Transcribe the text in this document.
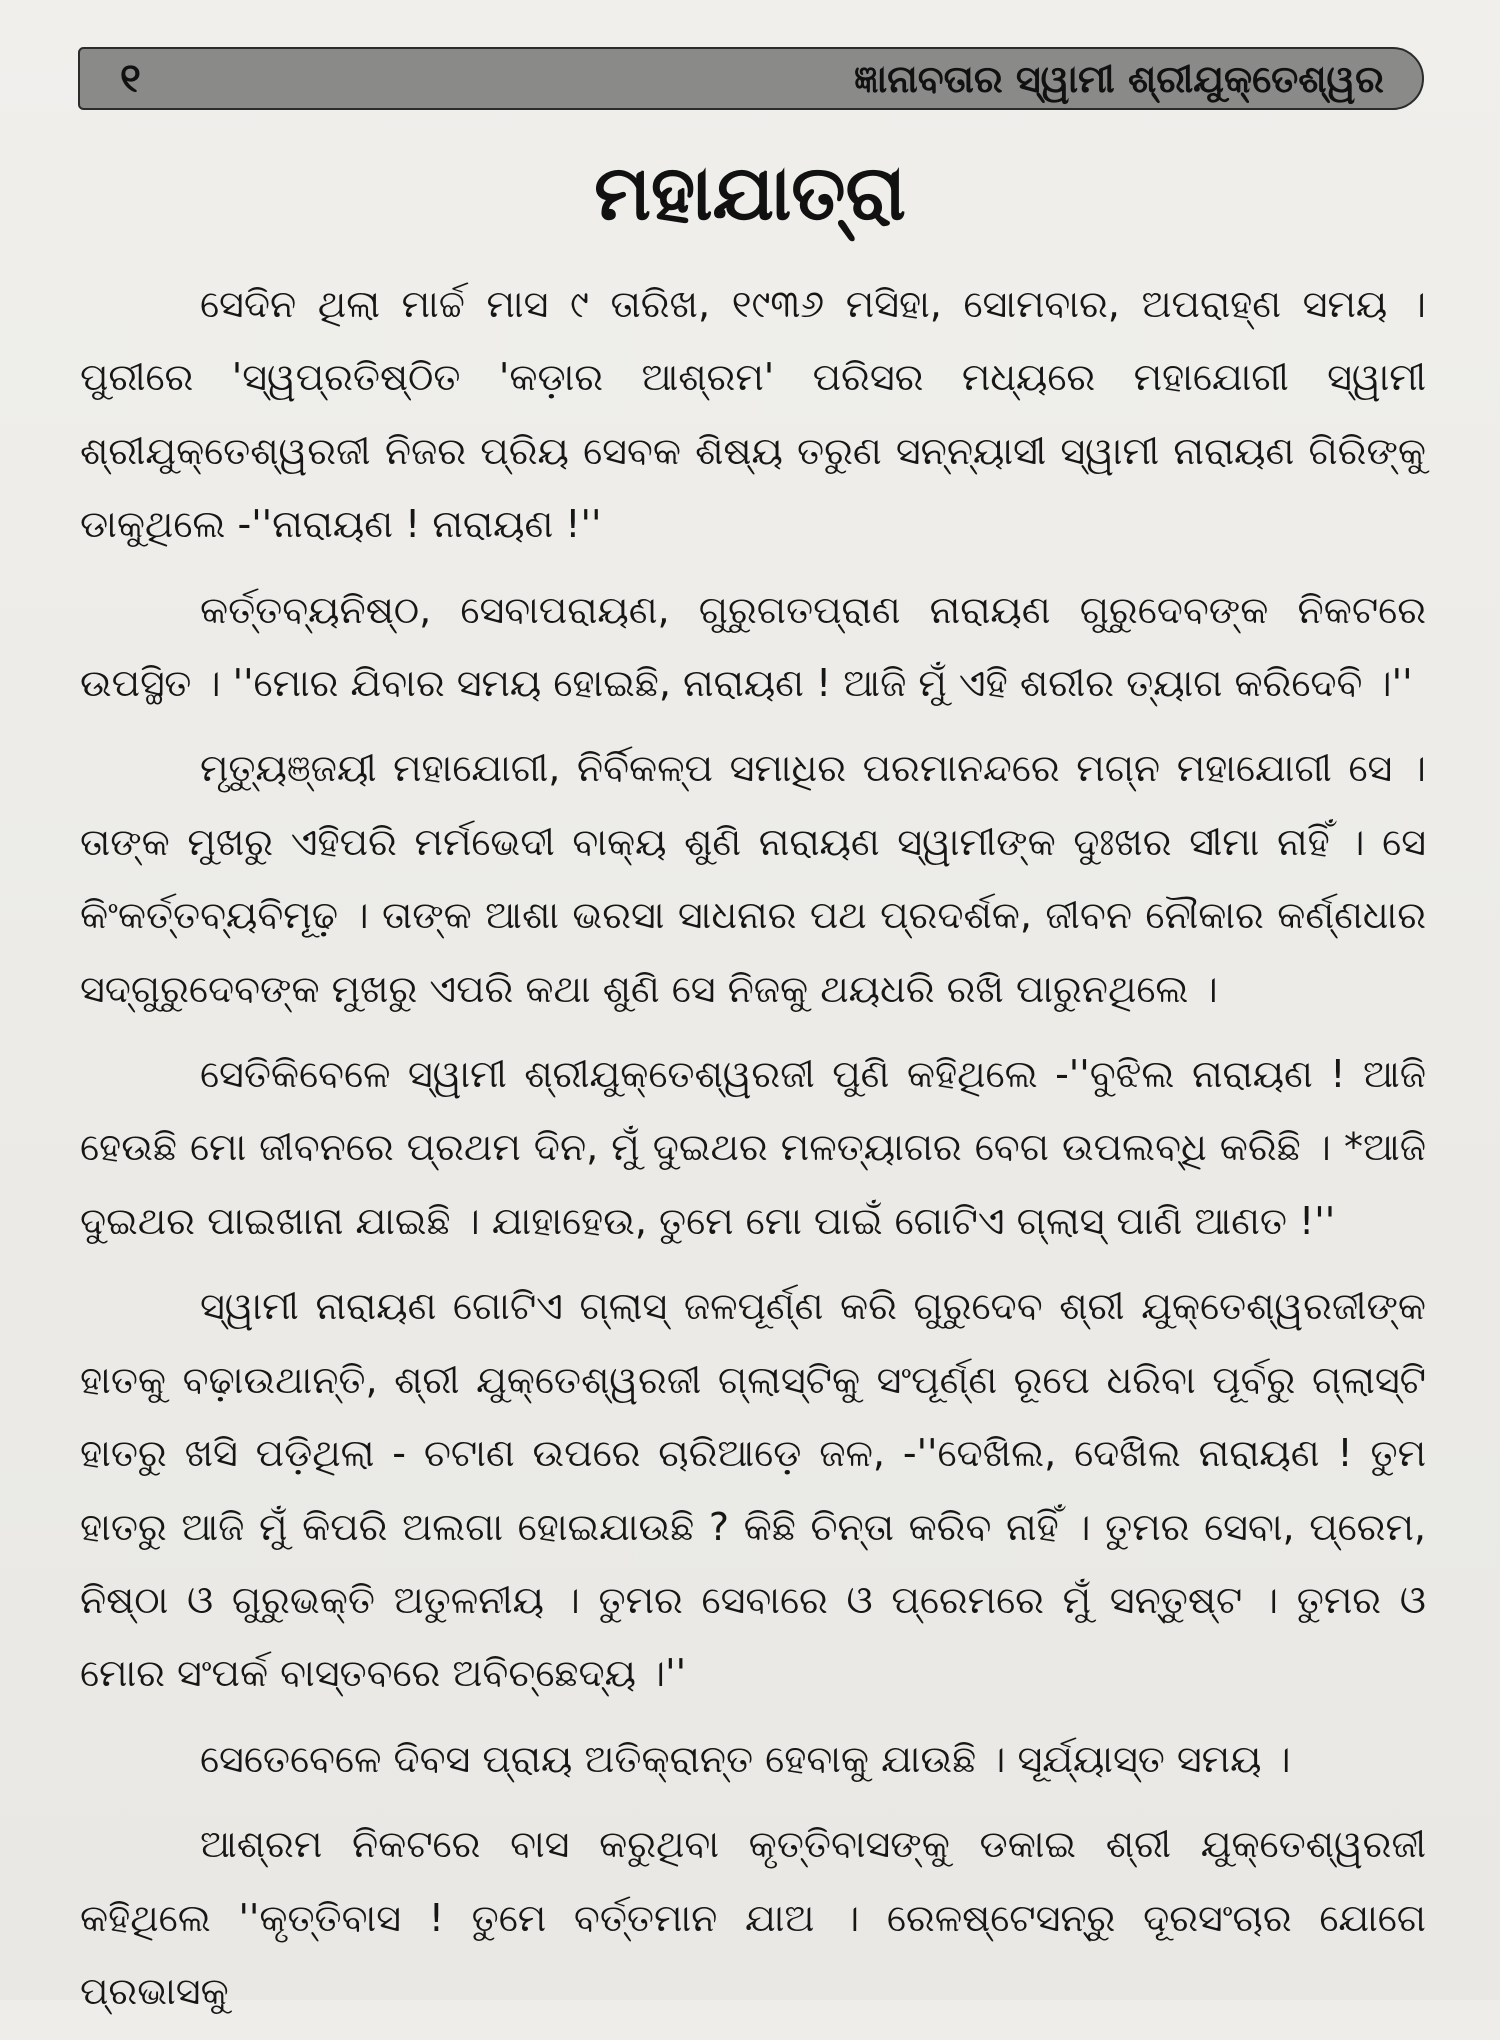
୧	ଜ୍ଞାନାବତାର ସ୍ୱାମୀ ଶ୍ରୀଯୁକ୍ତେଶ୍ୱର
ମହାଯାତ୍ରା

ସେଦିନ ଥିଲା ମାର୍ଚ୍ଚ ମାସ ୯ ତାରିଖ, ୧୯୩୬ ମସିହା, ସୋମବାର, ଅପରାହ୍ଣ ସମୟ । ପୁରୀରେ 'ସ୍ୱପ୍ରତିଷ୍ଠିତ 'କଡ଼ାର ଆଶ୍ରମ' ପରିସର ମଧ୍ୟରେ ମହାଯୋଗୀ ସ୍ୱାମୀ ଶ୍ରୀଯୁକ୍ତେଶ୍ୱରଜୀ ନିଜର ପ୍ରିୟ ସେବକ ଶିଷ୍ୟ ତରୁଣ ସନ୍ନ୍ୟାସୀ ସ୍ୱାମୀ ନାରାୟଣ ଗିରିଙ୍କୁ ଡାକୁଥିଲେ -''ନାରାୟଣ ! ନାରାୟଣ !''

କର୍ତ୍ତବ୍ୟନିଷ୍ଠ, ସେବାପରାୟଣ, ଗୁରୁଗତପ୍ରାଣ ନାରାୟଣ ଗୁରୁଦେବଙ୍କ ନିକଟରେ ଉପସ୍ଥିତ । ''ମୋର ଯିବାର ସମୟ ହୋଇଛି, ନାରାୟଣ ! ଆଜି ମୁଁ ଏହି ଶରୀର ତ୍ୟାଗ କରିଦେବି ।''

ମୃତ୍ୟୁଞ୍ଜୟୀ ମହାଯୋଗୀ, ନିର୍ବିକଳ୍ପ ସମାଧିର ପରମାନନ୍ଦରେ ମଗ୍ନ ମହାଯୋଗୀ ସେ । ତାଙ୍କ ମୁଖରୁ ଏହିପରି ମର୍ମଭେଦୀ ବାକ୍ୟ ଶୁଣି ନାରାୟଣ ସ୍ୱାମୀଙ୍କ ଦୁଃଖର ସୀମା ନାହିଁ । ସେ କିଂକର୍ତ୍ତବ୍ୟବିମୂଢ଼ । ତାଙ୍କ ଆଶା ଭରସା ସାଧନାର ପଥ ପ୍ରଦର୍ଶକ, ଜୀବନ ନୌକାର କର୍ଣ୍ଣଧାର ସଦ୍‌ଗୁରୁଦେବଙ୍କ ମୁଖରୁ ଏପରି କଥା ଶୁଣି ସେ ନିଜକୁ ଥୟଧରି ରଖି ପାରୁନଥିଲେ ।

ସେତିକିବେଳେ ସ୍ୱାମୀ ଶ୍ରୀଯୁକ୍ତେଶ୍ୱରଜୀ ପୁଣି କହିଥିଲେ -''ବୁଝିଲ ନାରାୟଣ ! ଆଜି ହେଉଛି ମୋ ଜୀବନରେ ପ୍ରଥମ ଦିନ, ମୁଁ ଦୁଇଥର ମଳତ୍ୟାଗର ବେଗ ଉପଲବ୍ଧି କରିଛି । *ଆଜି ଦୁଇଥର ପାଇଖାନା ଯାଇଛି । ଯାହାହେଉ, ତୁମେ ମୋ ପାଇଁ ଗୋଟିଏ ଗ୍ଲାସ୍ ପାଣି ଆଣତ !''

ସ୍ୱାମୀ ନାରାୟଣ ଗୋଟିଏ ଗ୍ଲାସ୍ ଜଳପୂର୍ଣ୍ଣ କରି ଗୁରୁଦେବ ଶ୍ରୀ ଯୁକ୍ତେଶ୍ୱରଜୀଙ୍କ ହାତକୁ ବଢ଼ାଉଥାନ୍ତି, ଶ୍ରୀ ଯୁକ୍ତେଶ୍ୱରଜୀ ଗ୍ଲାସ୍‌ଟିକୁ ସଂପୂର୍ଣ୍ଣ ରୂପେ ଧରିବା ପୂର୍ବରୁ ଗ୍ଲାସ୍‌ଟି ହାତରୁ ଖସି ପଡ଼ିଥିଲା - ଚଟାଣ ଉପରେ ଚାରିଆଡ଼େ ଜଳ, -''ଦେଖିଲ, ଦେଖିଲ ନାରାୟଣ ! ତୁମ ହାତରୁ ଆଜି ମୁଁ କିପରି ଅଲଗା ହୋଇଯାଉଛି ? କିଛି ଚିନ୍ତା କରିବ ନାହିଁ । ତୁମର ସେବା, ପ୍ରେମ, ନିଷ୍ଠା ଓ ଗୁରୁଭକ୍ତି ଅତୁଳନୀୟ । ତୁମର ସେବାରେ ଓ ପ୍ରେମରେ ମୁଁ ସନ୍ତୁଷ୍ଟ । ତୁମର ଓ ମୋର ସଂପର୍କ ବାସ୍ତବରେ ଅବିଚ୍ଛେଦ୍ୟ ।''

ସେତେବେଳେ ଦିବସ ପ୍ରାୟ ଅତିକ୍ରାନ୍ତ ହେବାକୁ ଯାଉଛି । ସୂର୍ଯ୍ୟାସ୍ତ ସମୟ ।

ଆଶ୍ରମ ନିକଟରେ ବାସ କରୁଥିବା କୃତ୍ତିବାସଙ୍କୁ ଡକାଇ ଶ୍ରୀ ଯୁକ୍ତେଶ୍ୱରଜୀ କହିଥିଲେ ''କୃତ୍ତିବାସ ! ତୁମେ ବର୍ତ୍ତମାନ ଯାଅ । ରେଳଷ୍ଟେସନ୍‌ରୁ ଦୂରସଂଚାର ଯୋଗେ ପ୍ରଭାସକୁ
